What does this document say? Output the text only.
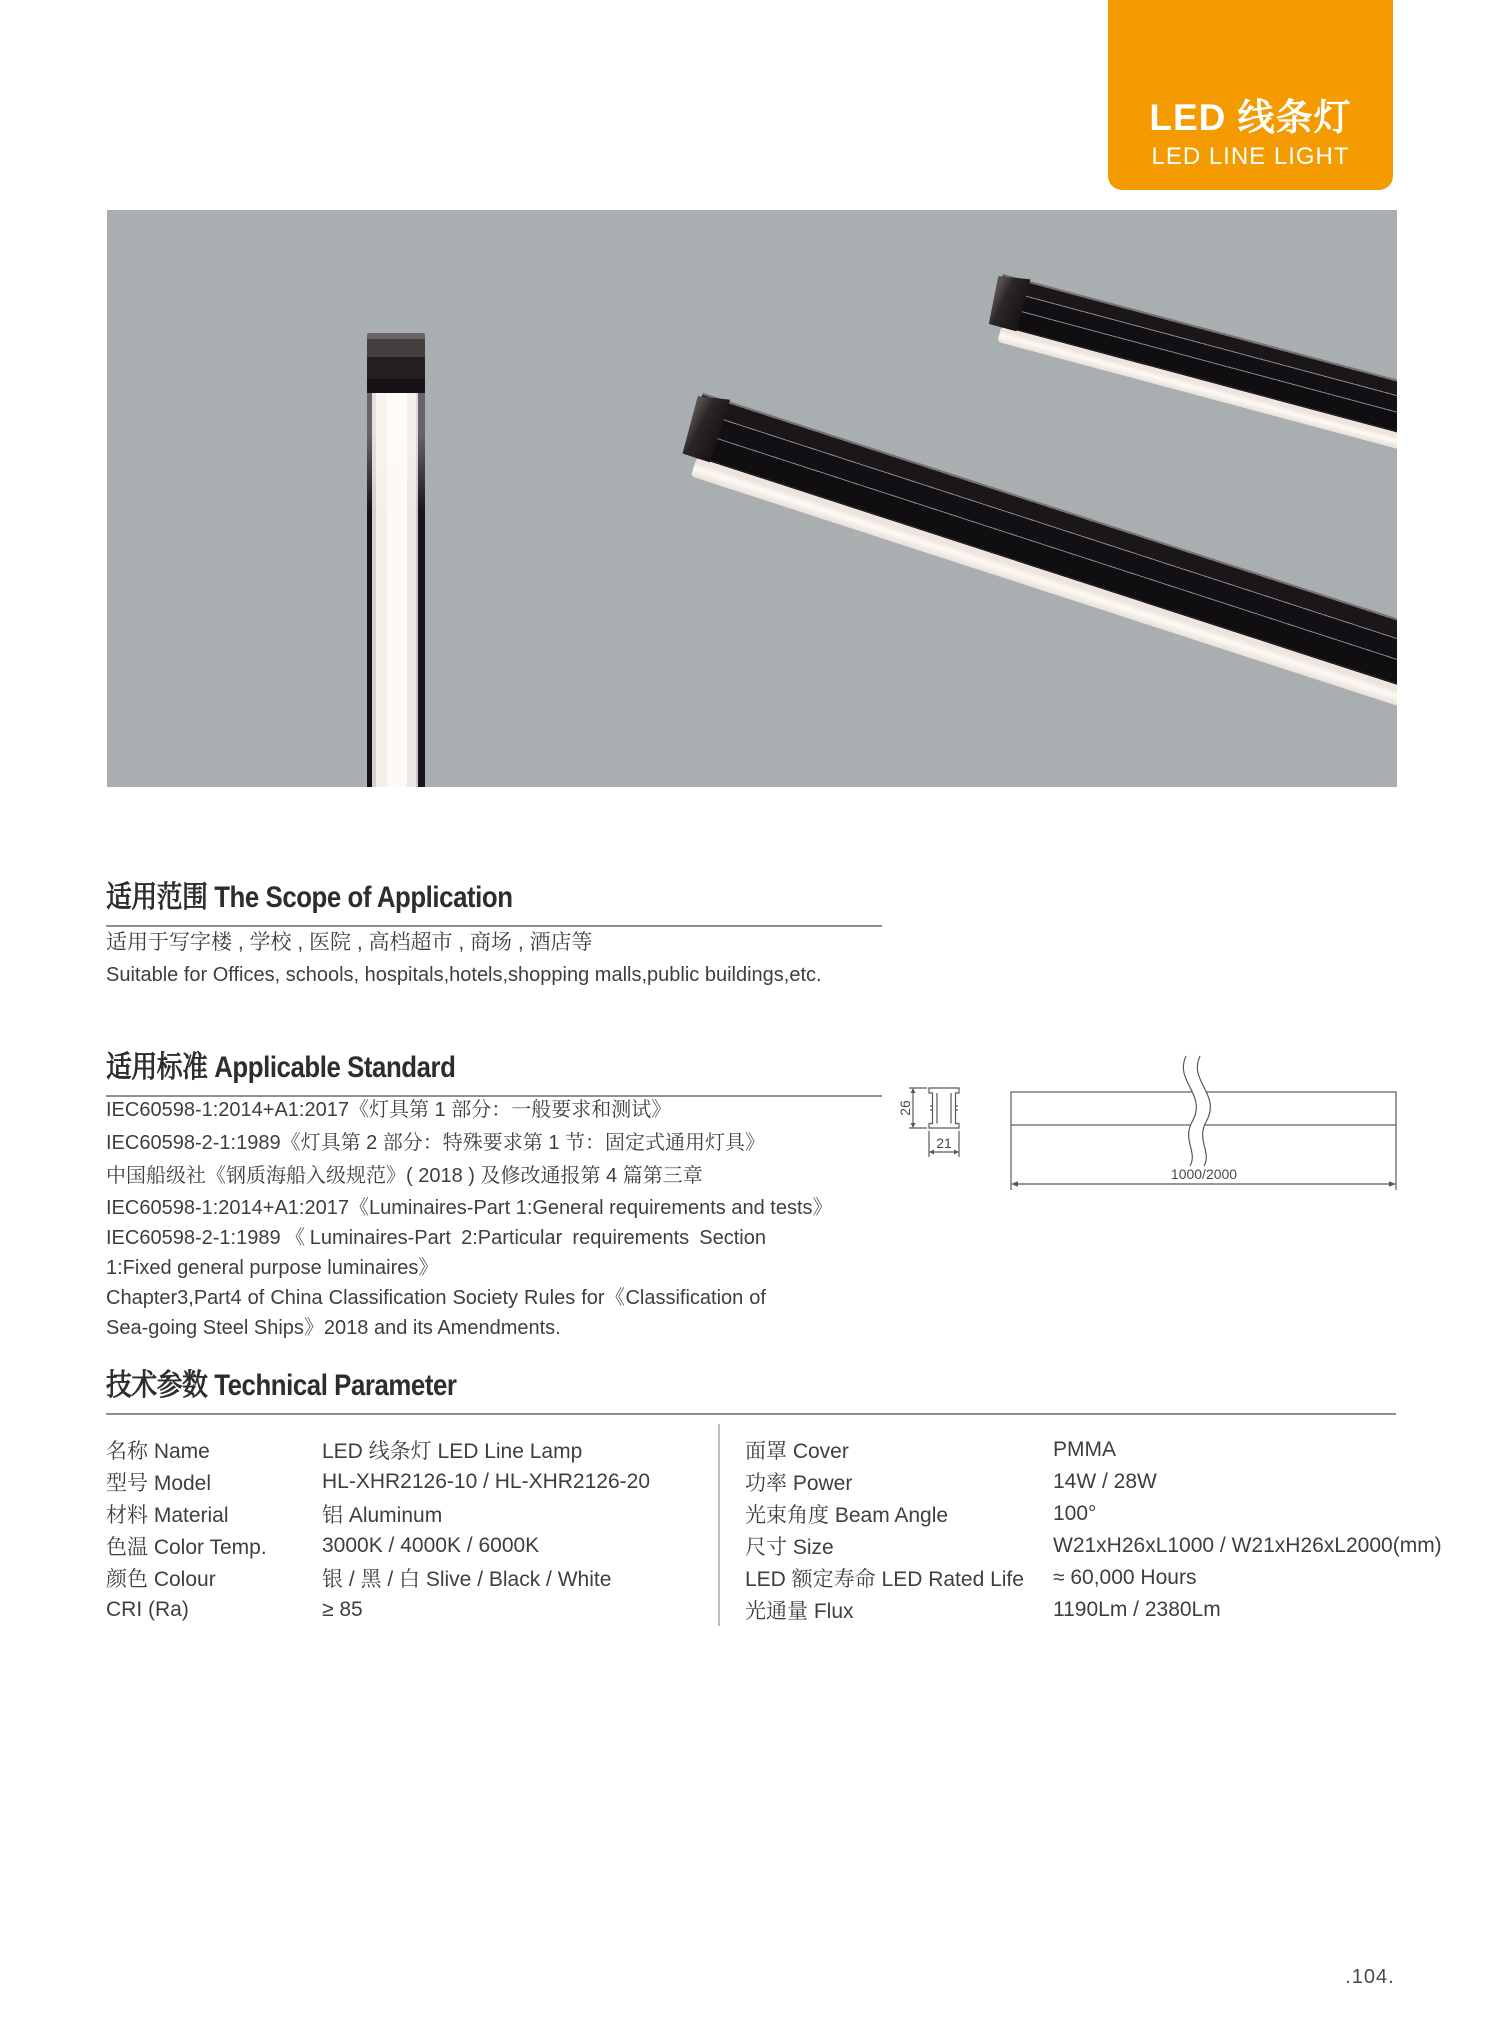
LED 线条灯
LED LINE LIGHT
适用范围 The Scope of Application
适用于写字楼 , 学校 , 医院 , 高档超市 , 商场 , 酒店等
Suitable for Offices, schools, hospitals,hotels,shopping malls,public buildings,etc.
适用标准 Applicable Standard
IEC60598-1:2014+A1:2017《灯具第 1 部分：一般要求和测试》
IEC60598-2-1:1989《灯具第 2 部分：特殊要求第 1 节：固定式通用灯具》
中国船级社《钢质海船入级规范》( 2018 ) 及修改通报第 4 篇第三章
IEC60598-1:2014+A1:2017《Luminaires-Part 1:General requirements and tests》
IEC60598-2-1:1989《Luminaires-Part 2:Particular requirements Section 1:Fixed general purpose luminaires》
Chapter3,Part4 of China Classification Society Rules for《Classification of Sea-going Steel Ships》2018 and its Amendments.
26
21
1000/2000
技术参数 Technical Parameter
名称 Name	LED 线条灯 LED Line Lamp
型号 Model	HL-XHR2126-10 / HL-XHR2126-20
材料 Material	铝 Aluminum
色温 Color Temp.	3000K / 4000K / 6000K
颜色 Colour	银 / 黑 / 白 Slive / Black / White
CRI (Ra)	≥ 85
面罩 Cover	PMMA
功率 Power	14W / 28W
光束角度 Beam Angle	100°
尺寸 Size	W21xH26xL1000 / W21xH26xL2000(mm)
LED 额定寿命 LED Rated Life	≈ 60,000 Hours
光通量 Flux	1190Lm / 2380Lm
.104.
